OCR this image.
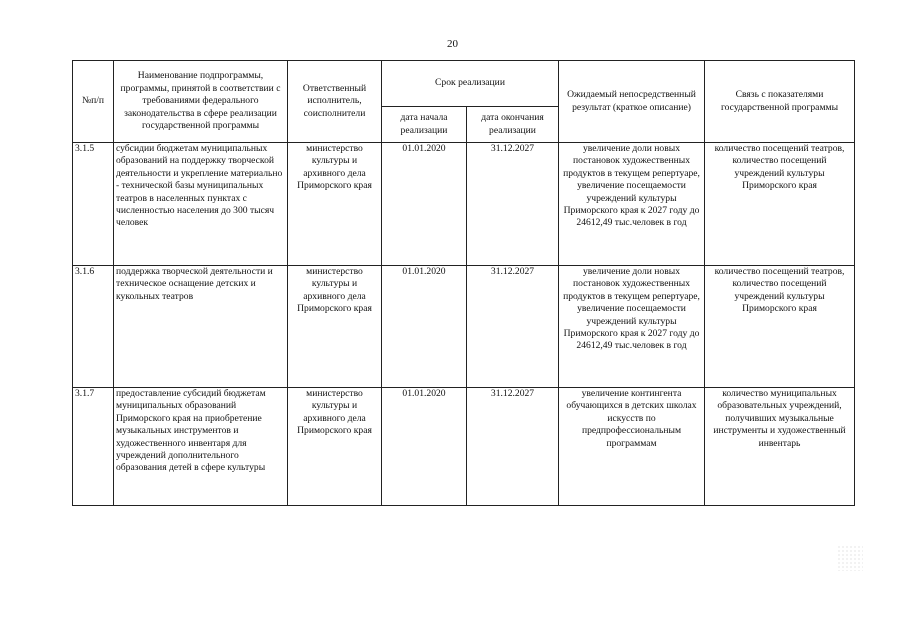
20
№п/п	Наименование подпрограммы, программы, принятой в соответствии с требованиями федерального законодательства в сфере реализации государственной программы	Ответственный исполнитель, соисполнители	Срок реализации		Ожидаемый непосредственный результат (краткое описание)	Связь с показателями государственной программы
			дата начала реализации	дата окончания реализации		
3.1.5	субсидии бюджетам муниципальных образований на поддержку творческой деятельности и укрепление материально - технической базы муниципальных театров в населенных пунктах с численностью населения до 300 тысяч человек	министерство культуры и архивного дела Приморского края	01.01.2020	31.12.2027	увеличение доли новых постановок художественных продуктов в текущем репертуаре, увеличение посещаемости учреждений культуры Приморского края к 2027 году до 24612,49 тыс.человек в год	количество посещений театров, количество посещений учреждений культуры Приморского края
3.1.6	поддержка творческой деятельности и техническое оснащение детских и кукольных театров	министерство культуры и архивного дела Приморского края	01.01.2020	31.12.2027	увеличение доли новых постановок художественных продуктов в текущем репертуаре, увеличение посещаемости учреждений культуры Приморского края к 2027 году до 24612,49 тыс.человек в год	количество посещений театров, количество посещений учреждений культуры Приморского края
3.1.7	предоставление субсидий бюджетам муниципальных образований Приморского края на приобретение музыкальных инструментов и художественного инвентаря для учреждений дополнительного образования детей в сфере культуры	министерство культуры и архивного дела Приморского края	01.01.2020	31.12.2027	увеличение контингента обучающихся в детских школах искусств по предпрофессиональным программам	количество муниципальных образовательных учреждений, получивших музыкальные инструменты и художественный инвентарь
